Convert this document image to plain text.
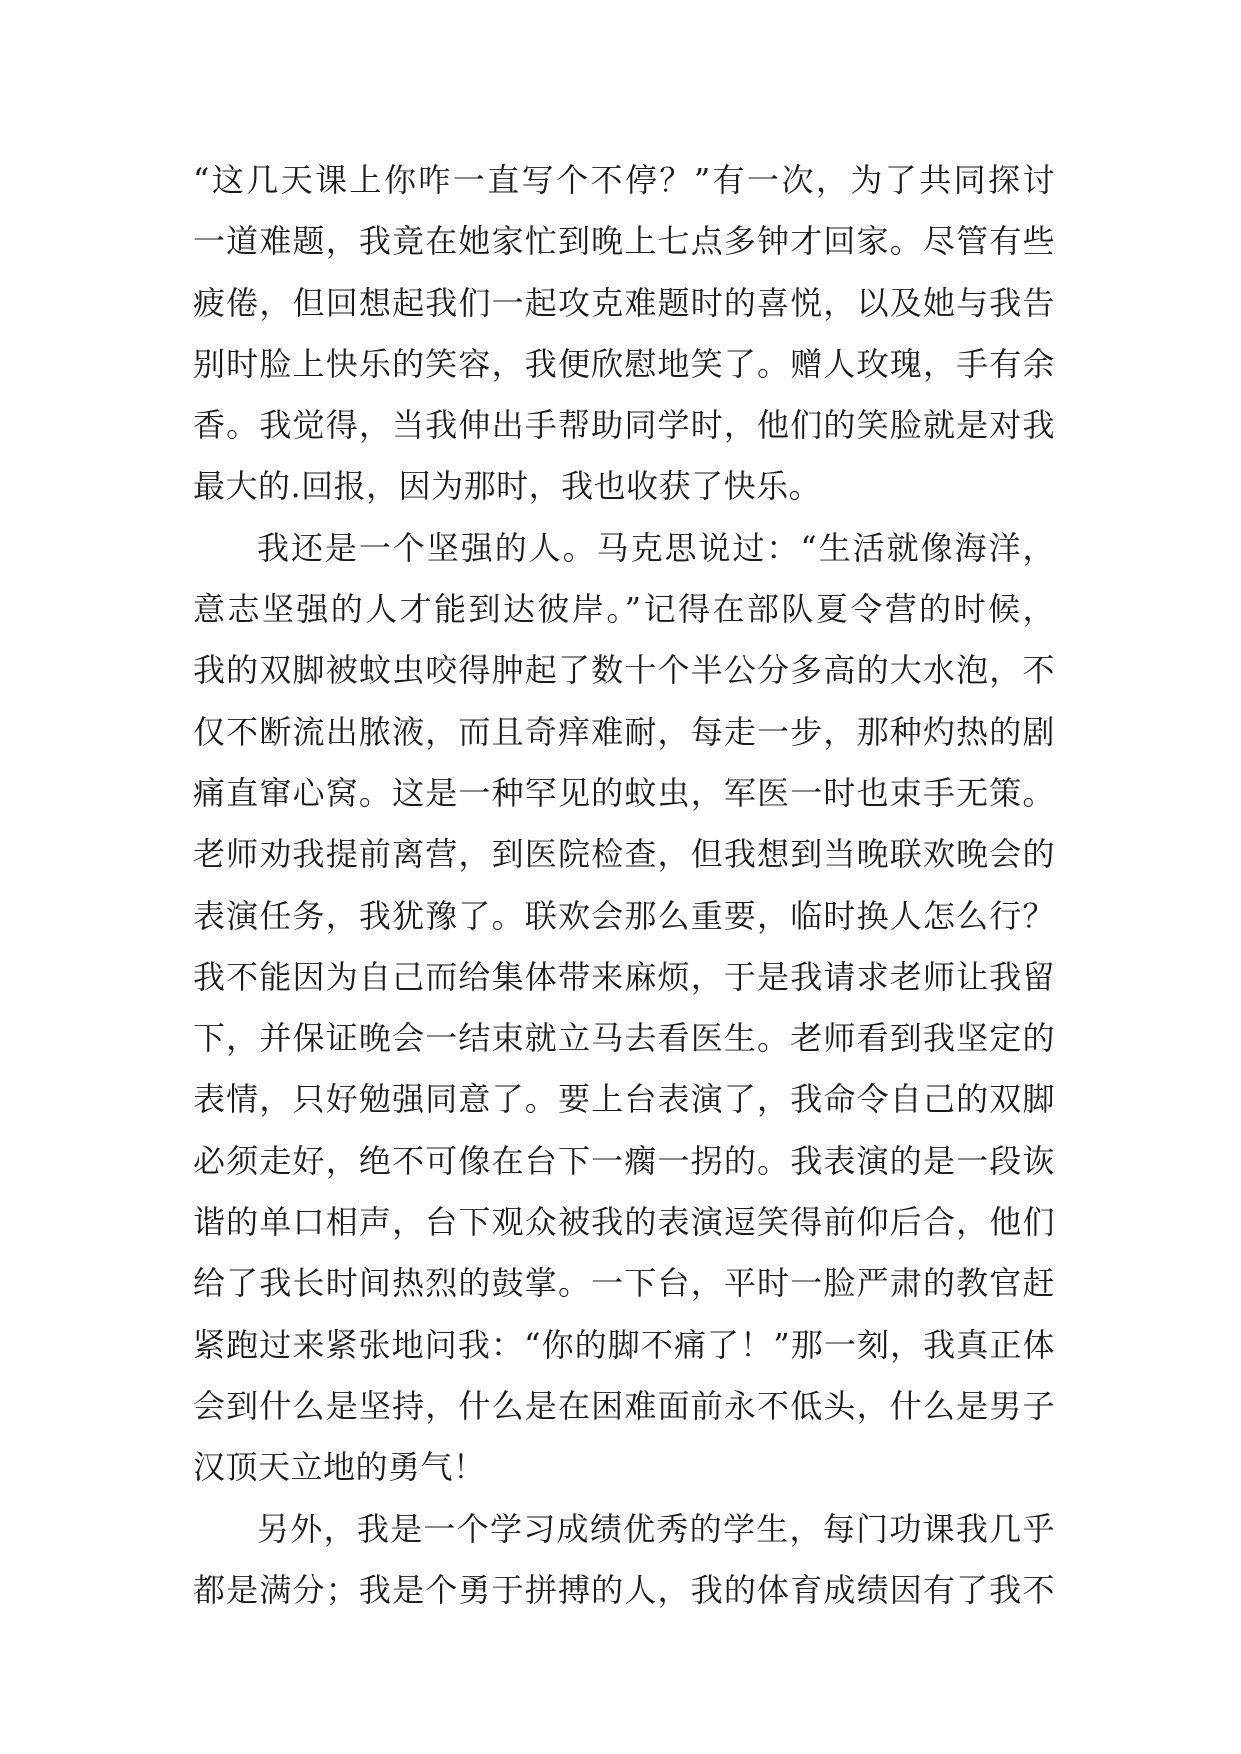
“这几天课上你咋一直写个不停？”有一次，为了共同探讨
一道难题，我竟在她家忙到晚上七点多钟才回家。尽管有些
疲倦，但回想起我们一起攻克难题时的喜悦，以及她与我告
别时脸上快乐的笑容，我便欣慰地笑了。赠人玫瑰，手有余
香。我觉得，当我伸出手帮助同学时，他们的笑脸就是对我
最大的.回报，因为那时，我也收获了快乐。
我还是一个坚强的人。马克思说过：“生活就像海洋，
意志坚强的人才能到达彼岸。”记得在部队夏令营的时候，
我的双脚被蚊虫咬得肿起了数十个半公分多高的大水泡，不
仅不断流出脓液，而且奇痒难耐，每走一步，那种灼热的剧
痛直窜心窝。这是一种罕见的蚊虫，军医一时也束手无策。
老师劝我提前离营，到医院检查，但我想到当晚联欢晚会的
表演任务，我犹豫了。联欢会那么重要，临时换人怎么行？
我不能因为自己而给集体带来麻烦，于是我请求老师让我留
下，并保证晚会一结束就立马去看医生。老师看到我坚定的
表情，只好勉强同意了。要上台表演了，我命令自己的双脚
必须走好，绝不可像在台下一瘸一拐的。我表演的是一段诙
谐的单口相声，台下观众被我的表演逗笑得前仰后合，他们
给了我长时间热烈的鼓掌。一下台，平时一脸严肃的教官赶
紧跑过来紧张地问我：“你的脚不痛了！”那一刻，我真正体
会到什么是坚持，什么是在困难面前永不低头，什么是男子
汉顶天立地的勇气！
另外，我是一个学习成绩优秀的学生，每门功课我几乎
都是满分；我是个勇于拼搏的人，我的体育成绩因有了我不
